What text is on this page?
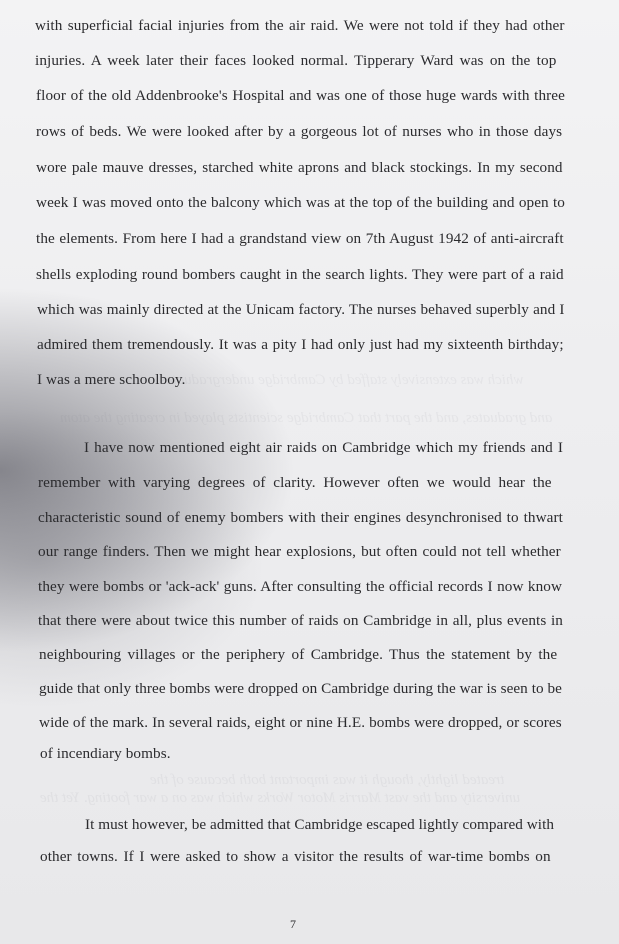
which was extensively staffed by Cambridge undergraduates
and graduates, and the part that Cambridge scientists played in creating the atom
treated lightly, though it was important both because of the
university and the vast Marris Motor Works which was on a war footing. Yet the
with superficial facial injuries from the air raid. We were not told if they had other
injuries. A week later their faces looked normal. Tipperary Ward was on the top
floor of the old Addenbrooke's Hospital and was one of those huge wards with three
rows of beds. We were looked after by a gorgeous lot of nurses who in those days
wore pale mauve dresses, starched white aprons and black stockings. In my second
week I was moved onto the balcony which was at the top of the building and open to
the elements. From here I had a grandstand view on 7th August 1942 of anti-aircraft
shells exploding round bombers caught in the search lights. They were part of a raid
which was mainly directed at the Unicam factory. The nurses behaved superbly and I
admired them tremendously. It was a pity I had only just had my sixteenth birthday;
I was a mere schoolboy.
I have now mentioned eight air raids on Cambridge which my friends and I
remember with varying degrees of clarity. However often we would hear the
characteristic sound of enemy bombers with their engines desynchronised to thwart
our range finders. Then we might hear explosions, but often could not tell whether
they were bombs or 'ack-ack' guns. After consulting the official records I now know
that there were about twice this number of raids on Cambridge in all, plus events in
neighbouring villages or the periphery of Cambridge. Thus the statement by the
guide that only three bombs were dropped on Cambridge during the war is seen to be
wide of the mark. In several raids, eight or nine H.E. bombs were dropped, or scores
of incendiary bombs.
It must however, be admitted that Cambridge escaped lightly compared with
other towns. If I were asked to show a visitor the results of war-time bombs on
7
